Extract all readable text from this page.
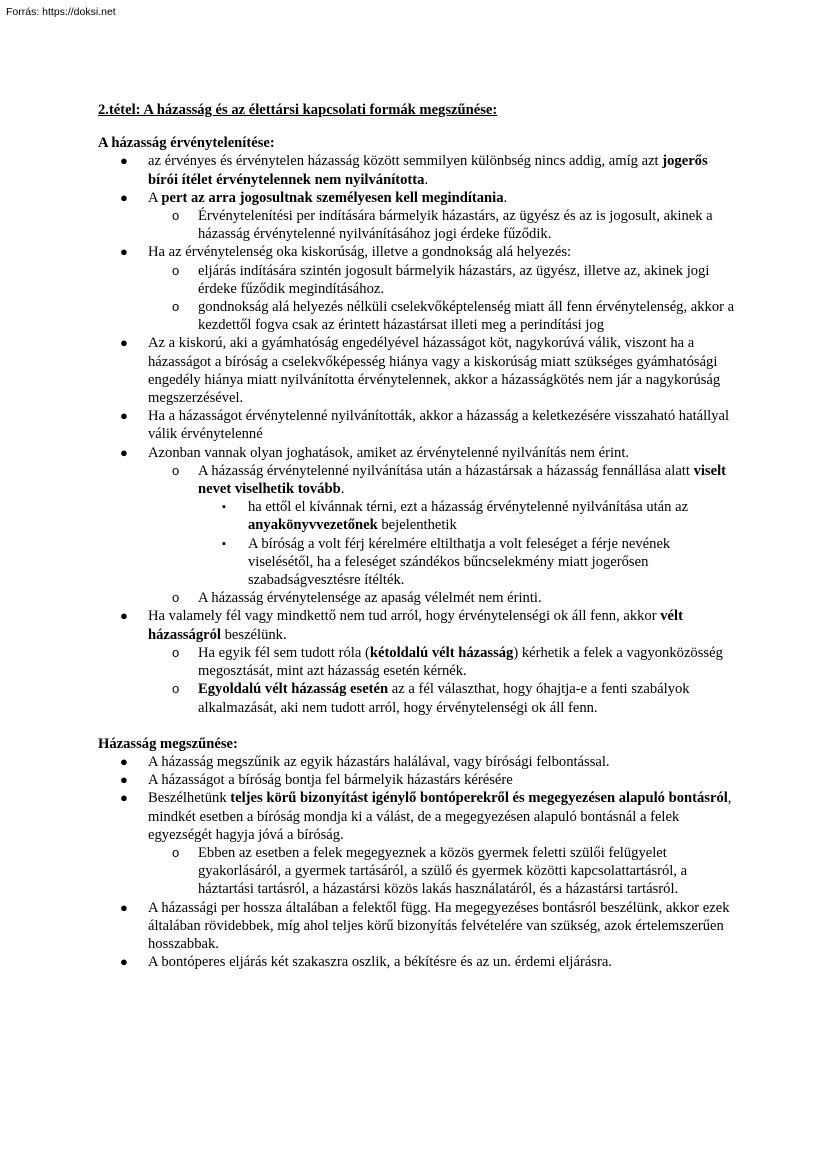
Forrás: https://doksi.net
2.tétel: A házasság és az élettársi kapcsolati formák megszűnése:
A házasság érvénytelenítése:
● az érvényes és érvénytelen házasság között semmilyen különbség nincs addig, amíg azt jogerős bírói ítélet érvénytelennek nem nyilvánította.
● A pert az arra jogosultnak személyesen kell megindítania.
o Érvénytelenítési per indítására bármelyik házastárs, az ügyész és az is jogosult, akinek a házasság érvénytelenné nyilvánításához jogi érdeke fűződik.
● Ha az érvénytelenség oka kiskorúság, illetve a gondnokság alá helyezés:
o eljárás indítására szintén jogosult bármelyik házastárs, az ügyész, illetve az, akinek jogi érdeke fűződik megindításához.
o gondnokság alá helyezés nélküli cselekvőképtelenség miatt áll fenn érvénytelenség, akkor a kezdettől fogva csak az érintett házastársat illeti meg a perindítási jog
● Az a kiskorú, aki a gyámhatóság engedélyével házasságot köt, nagykorúvá válik, viszont ha a házasságot a bíróság a cselekvőképesség hiánya vagy a kiskorúság miatt szükséges gyámhatósági engedély hiánya miatt nyilvánította érvénytelennek, akkor a házasságkötés nem jár a nagykorúság megszerzésével.
● Ha a házasságot érvénytelenné nyilvánították, akkor a házasság a keletkezésére visszaható hatállyal válik érvénytelenné
● Azonban vannak olyan joghatások, amiket az érvénytelenné nyilvánítás nem érint.
o A házasság érvénytelenné nyilvánítása után a házastársak a házasság fennállása alatt viselt nevet viselhetik tovább.
▪ ha ettől el kívánnak térni, ezt a házasság érvénytelenné nyilvánítása után az anyakönyvvezetőnek bejelenthetik
▪ A bíróság a volt férj kérelmére eltilthatja a volt feleséget a férje nevének viselésétől, ha a feleséget szándékos bűncselekmény miatt jogerősen szabadságvesztésre ítélték.
o A házasság érvénytelensége az apaság vélelmét nem érinti.
● Ha valamely fél vagy mindkettő nem tud arról, hogy érvénytelenségi ok áll fenn, akkor vélt házasságról beszélünk.
o Ha egyik fél sem tudott róla (kétoldalú vélt házasság) kérhetik a felek a vagyonközösség megosztását, mint azt házasság esetén kérnék.
o Egyoldalú vélt házasság esetén az a fél választhat, hogy óhajtja-e a fenti szabályok alkalmazását, aki nem tudott arról, hogy érvénytelenségi ok áll fenn.
Házasság megszűnése:
● A házasság megszűnik az egyik házastárs halálával, vagy bírósági felbontással.
● A házasságot a bíróság bontja fel bármelyik házastárs kérésére
● Beszélhetünk teljes körű bizonyítást igénylő bontóperekről és megegyezésen alapuló bontásról, mindkét esetben a bíróság mondja ki a válást, de a megegyezésen alapuló bontásnál a felek egyezségét hagyja jóvá a bíróság.
o Ebben az esetben a felek megegyeznek a közös gyermek feletti szülői felügyelet gyakorlásáról, a gyermek tartásáról, a szülő és gyermek közötti kapcsolattartásról, a háztartási tartásról, a házastársi közös lakás használatáról, és a házastársi tartásról.
● A házassági per hossza általában a felektől függ. Ha megegyezéses bontásról beszélünk, akkor ezek általában rövidebbek, míg ahol teljes körű bizonyítás felvételére van szükség, azok értelemszerűen hosszabbak.
● A bontóperes eljárás két szakaszra oszlik, a békítésre és az un. érdemi eljárásra.
